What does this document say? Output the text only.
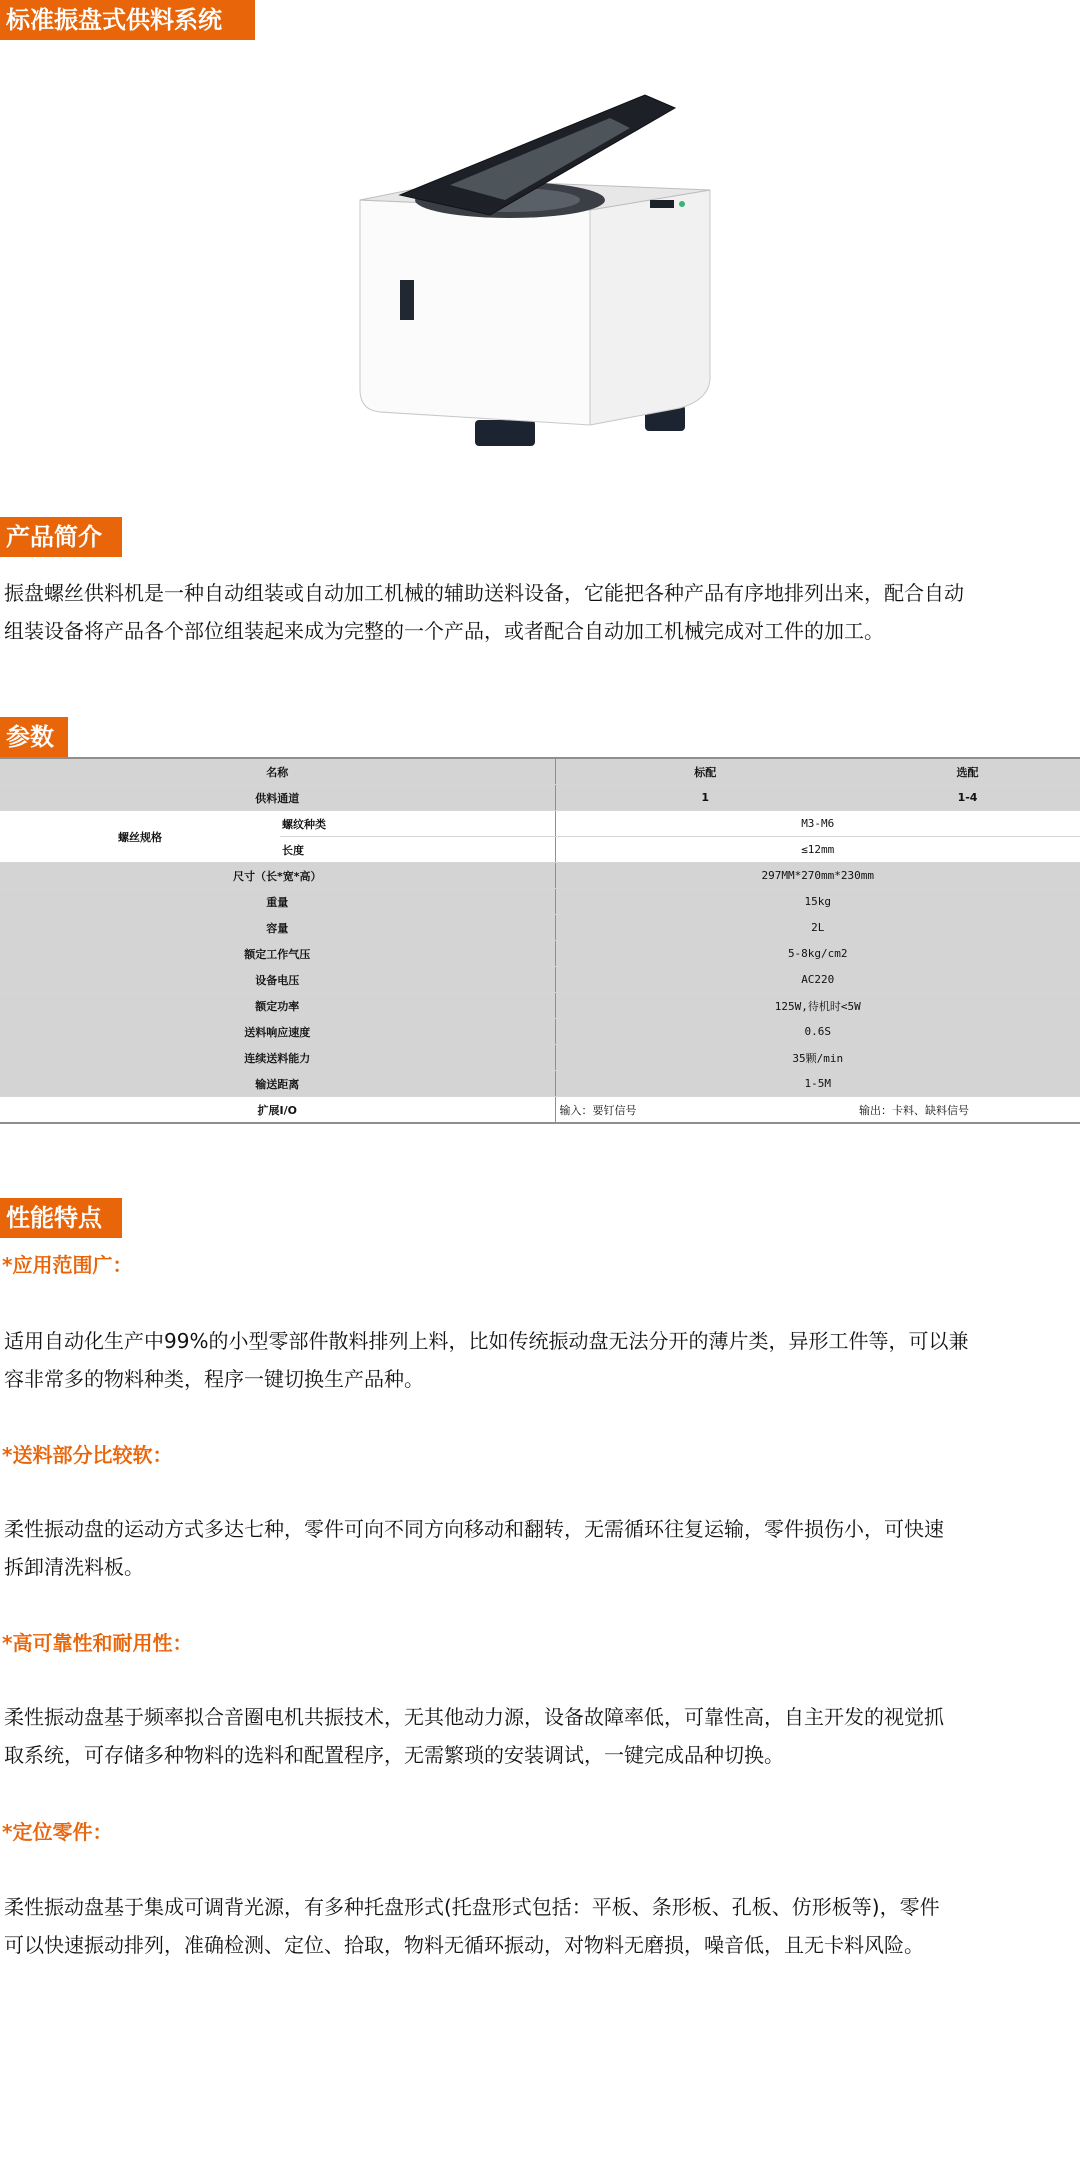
标准振盘式供料系统
产品简介
振盘螺丝供料机是一种自动组装或自动加工机械的辅助送料设备，它能把各种产品有序地排列出来，配合自动
组装设备将产品各个部位组装起来成为完整的一个产品，或者配合自动加工机械完成对工件的加工。
参数
名称		标配	选配
供料通道		1	1-4
螺丝规格	螺纹种类	M3-M6	
	长度	≤12mm	
尺寸（长*宽*高）		297MM*270mm*230mm	
重量		15kg	
容量		2L	
额定工作气压		5-8kg/cm2	
设备电压		AC220	
额定功率		125W,待机时<5W	
送料响应速度		0.6S	
连续送料能力		35颗/min	
输送距离		1-5M	
扩展I/O		输入：要钉信号	输出：卡料、缺料信号
性能特点
*应用范围广：
适用自动化生产中99%的小型零部件散料排列上料，比如传统振动盘无法分开的薄片类，异形工件等，可以兼
容非常多的物料种类，程序一键切换生产品种。
*送料部分比较软：
柔性振动盘的运动方式多达七种，零件可向不同方向移动和翻转，无需循环往复运输，零件损伤小，可快速
拆卸清洗料板。
*高可靠性和耐用性：
柔性振动盘基于频率拟合音圈电机共振技术，无其他动力源，设备故障率低，可靠性高，自主开发的视觉抓
取系统，可存储多种物料的选料和配置程序，无需繁琐的安装调试，一键完成品种切换。
*定位零件：
柔性振动盘基于集成可调背光源，有多种托盘形式(托盘形式包括：平板、条形板、孔板、仿形板等)，零件
可以快速振动排列，准确检测、定位、拾取，物料无循环振动，对物料无磨损，噪音低，且无卡料风险。
